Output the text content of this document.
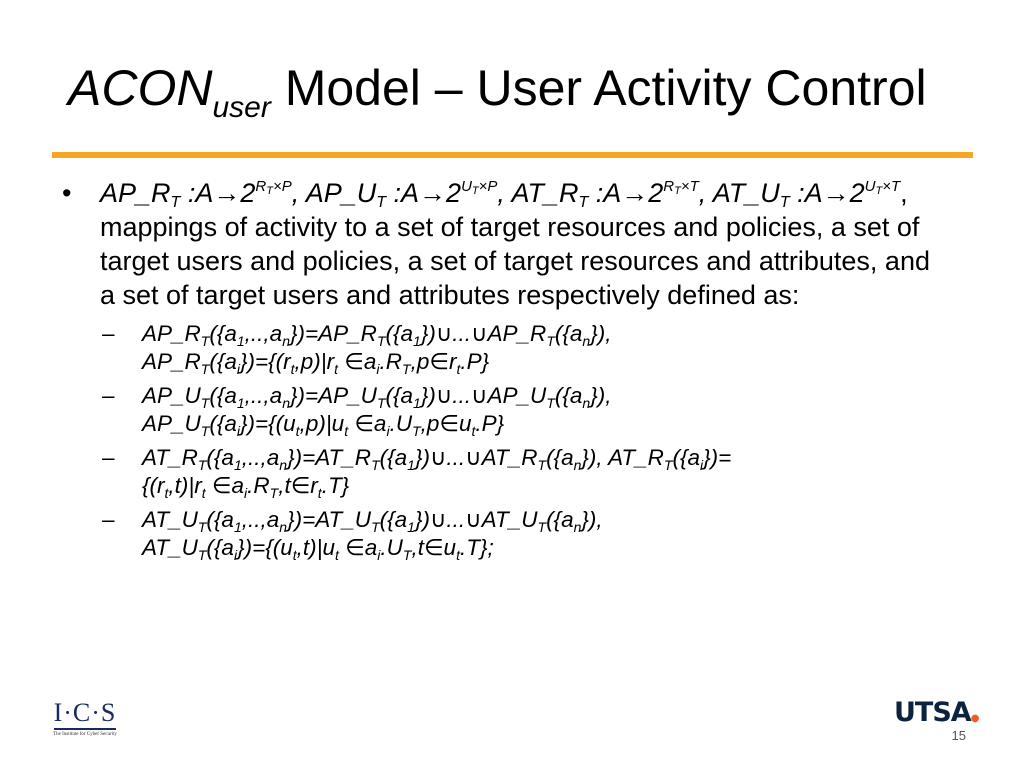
$ACON_{user}$ Model – User Activity Control
• $AP\_R_T$ $:A\to 2^{R_T\times P}$, $AP\_U_T$ $:A\to 2^{U_T\times P}$, $AT\_R_T$ $:A\to 2^{R_T\times T}$, $AT\_U_T$ $:A\to 2^{U_T\times T}$, mappings of activity to a set of target resources and policies, a set of target users and policies, a set of target resources and attributes, and a set of target users and attributes respectively defined as:
– $AP\_R_T(\{a_1,..,a_n\})=AP\_R_T(\{a_1\})\cup...\cup AP\_R_T(\{a_n\})$,
$AP\_R_T(\{a_i\})=\{(r_t,p)|r_t$ $\in a_i.R_T,p\in r_t.P$}
– $AP\_U_T(\{a_1,..,a_n\})=AP\_U_T(\{a_1\})\cup...\cup AP\_U_T(\{a_n\})$,
$AP\_U_T(\{a_i\})=\{(u_t,p)|u_t$ $\in a_i.U_T,p\in u_t.P$}
– $AT\_R_T(\{a_1,..,a_n\})=AT\_R_T(\{a_1\})\cup...\cup AT\_R_T(\{a_n\})$, $AT\_R_T(\{a_i\})=$
{$(r_t,t)|r_t$ $\in a_i.R_T,t\in r_t.T$}
– $AT\_U_T(\{a_1,..,a_n\})=AT\_U_T(\{a_1\})\cup...\cup AT\_U_T(\{a_n\})$,
$AT\_U_T(\{a_i\})=\{(u_t,t)|u_t$ $\in a_i.U_T,t\in u_t.T$};
I·C·S
The Institute for Cyber Security
UTSA●
15
